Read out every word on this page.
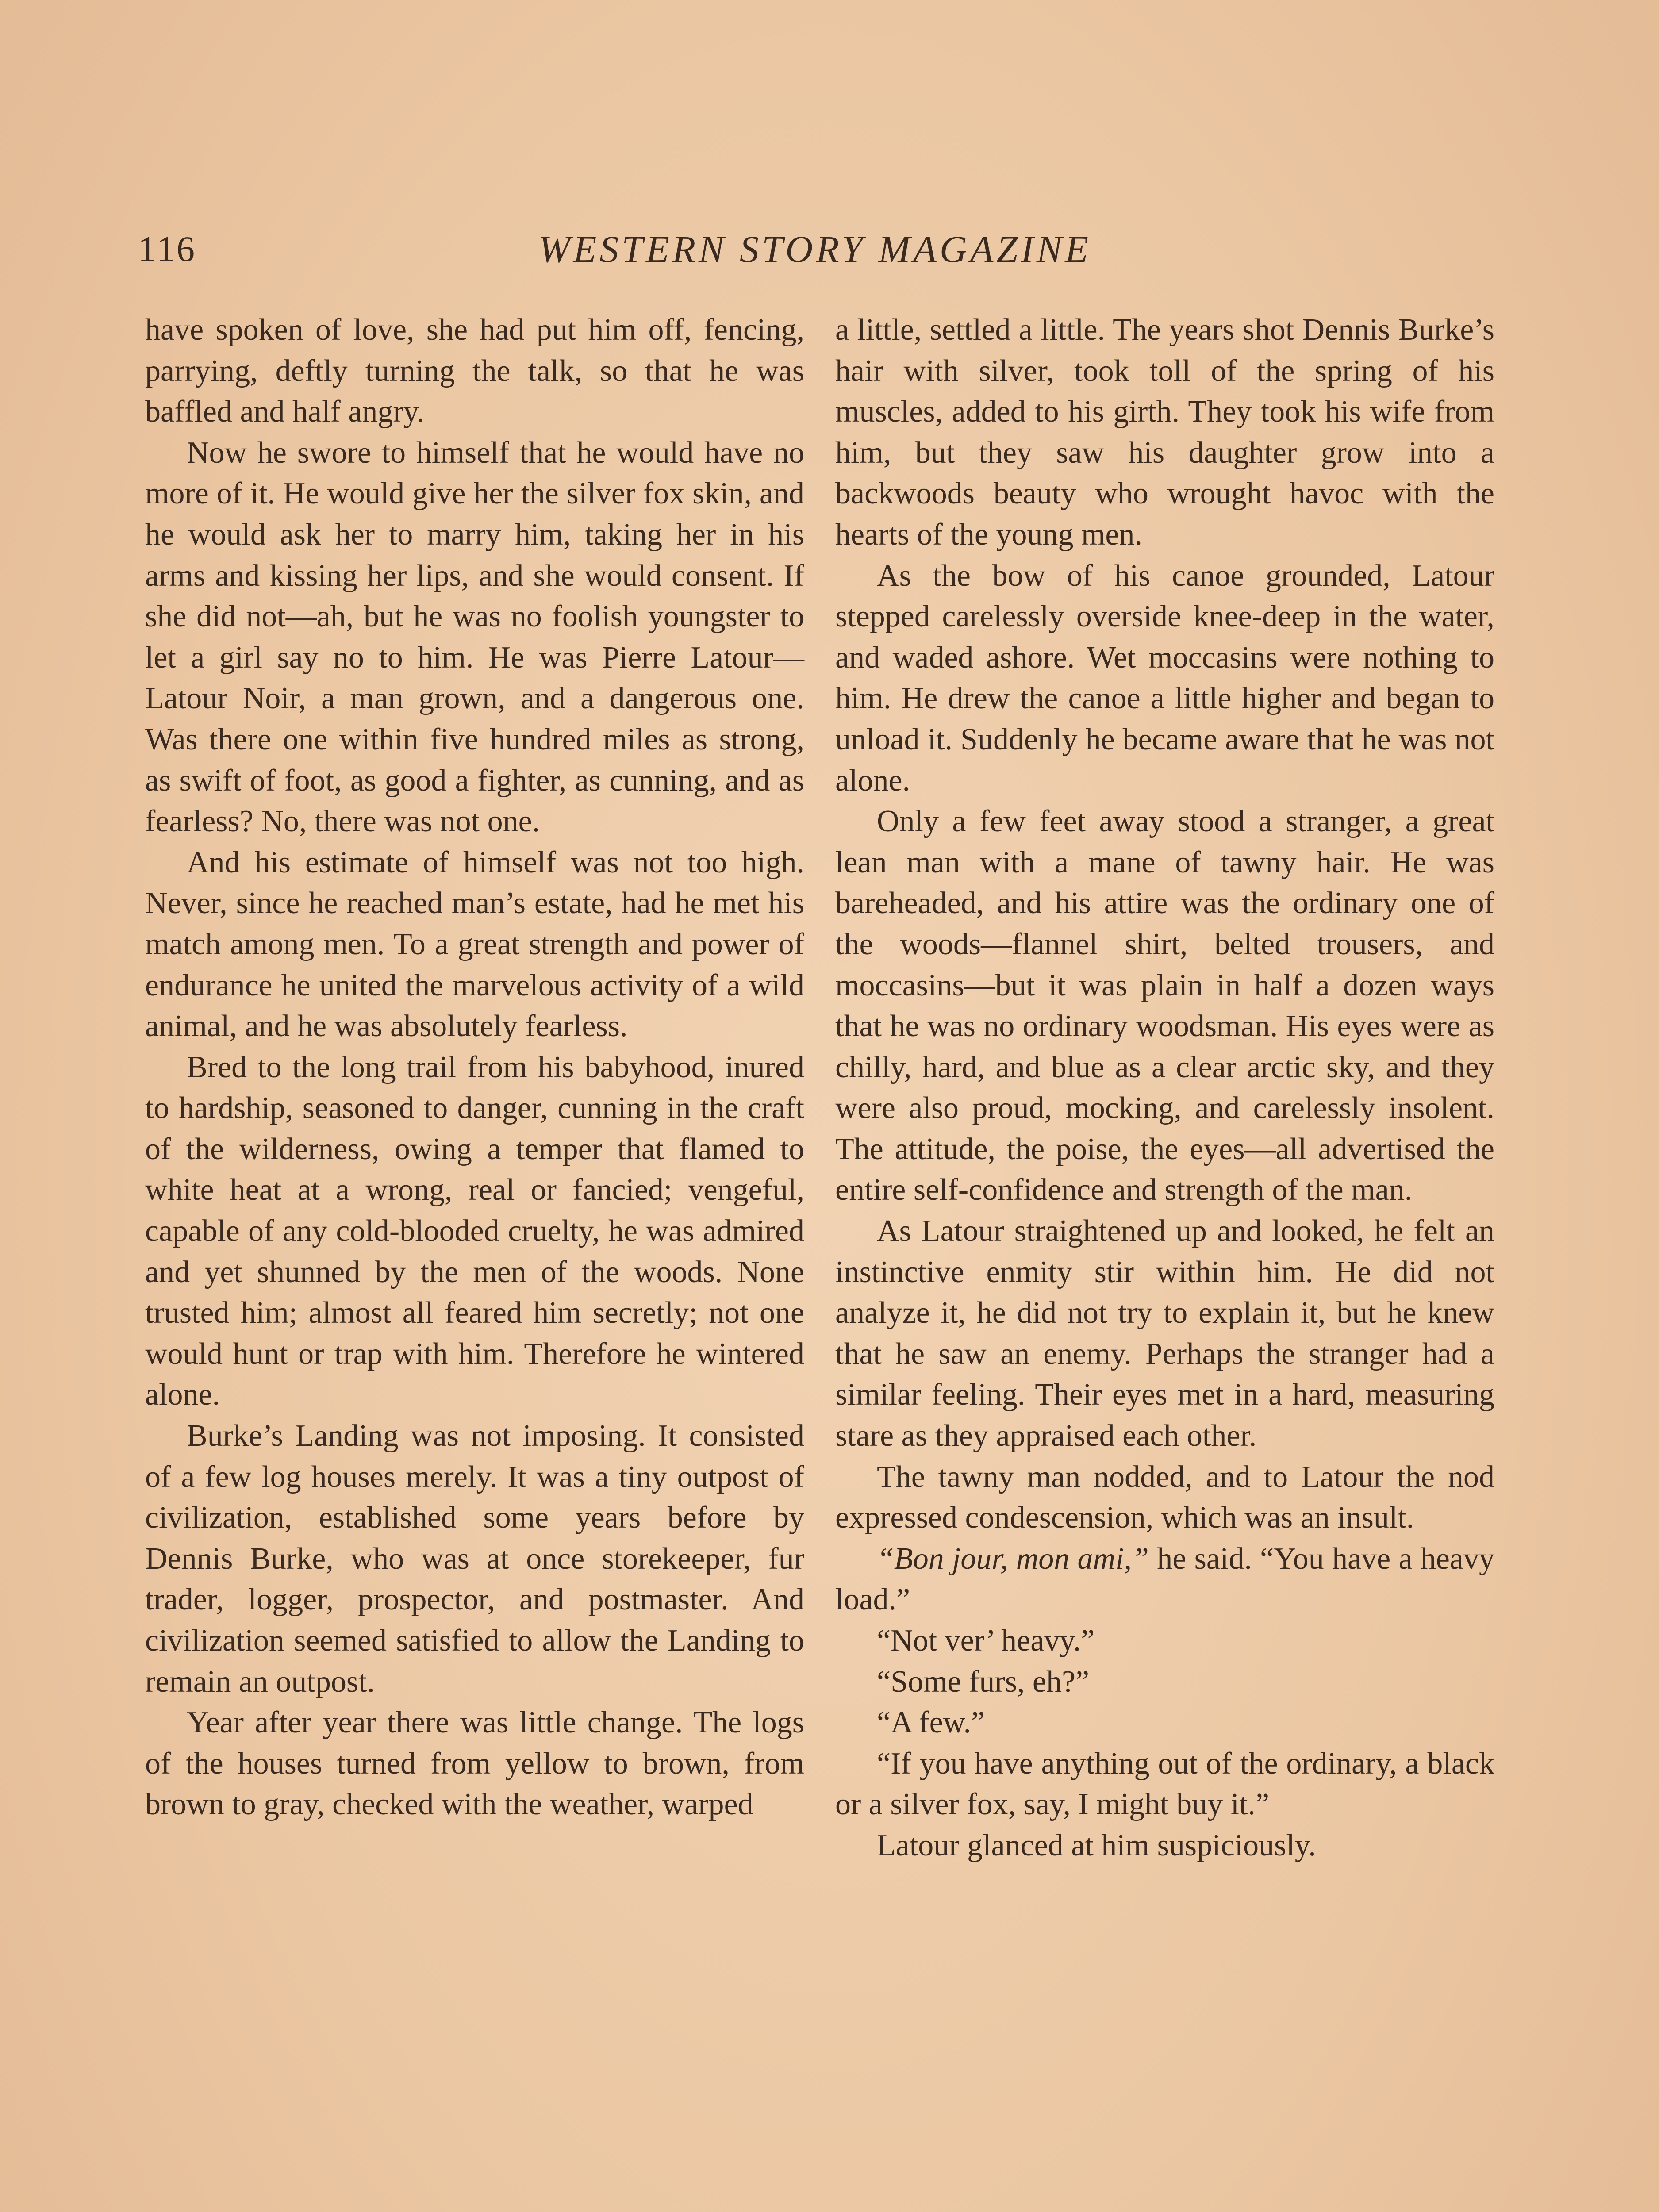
116	WESTERN STORY MAGAZINE

have spoken of love, she had put him off, fencing, parrying, deftly turning the talk, so that he was baffled and half angry.

Now he swore to himself that he would have no more of it. He would give her the silver fox skin, and he would ask her to marry him, taking her in his arms and kissing her lips, and she would consent. If she did not—ah, but he was no foolish youngster to let a girl say no to him. He was Pierre Latour—Latour Noir, a man grown, and a dangerous one. Was there one within five hundred miles as strong, as swift of foot, as good a fighter, as cunning, and as fearless? No, there was not one.

And his estimate of himself was not too high. Never, since he reached man’s estate, had he met his match among men. To a great strength and power of endurance he united the marvelous activity of a wild animal, and he was absolutely fearless.

Bred to the long trail from his babyhood, inured to hardship, seasoned to danger, cunning in the craft of the wilderness, owing a temper that flamed to white heat at a wrong, real or fancied; vengeful, capable of any cold-blooded cruelty, he was admired and yet shunned by the men of the woods. None trusted him; almost all feared him secretly; not one would hunt or trap with him. Therefore he wintered alone.

Burke’s Landing was not imposing. It consisted of a few log houses merely. It was a tiny outpost of civilization, established some years before by Dennis Burke, who was at once storekeeper, fur trader, logger, prospector, and postmaster. And civilization seemed satisfied to allow the Landing to remain an outpost.

Year after year there was little change. The logs of the houses turned from yellow to brown, from brown to gray, checked with the weather, warped

a little, settled a little. The years shot Dennis Burke’s hair with silver, took toll of the spring of his muscles, added to his girth. They took his wife from him, but they saw his daughter grow into a backwoods beauty who wrought havoc with the hearts of the young men.

As the bow of his canoe grounded, Latour stepped carelessly overside knee-deep in the water, and waded ashore. Wet moccasins were nothing to him. He drew the canoe a little higher and began to unload it. Suddenly he became aware that he was not alone.

Only a few feet away stood a stranger, a great lean man with a mane of tawny hair. He was bareheaded, and his attire was the ordinary one of the woods—flannel shirt, belted trousers, and moccasins—but it was plain in half a dozen ways that he was no ordinary woodsman. His eyes were as chilly, hard, and blue as a clear arctic sky, and they were also proud, mocking, and carelessly insolent. The attitude, the poise, the eyes—all advertised the entire self-confidence and strength of the man.

As Latour straightened up and looked, he felt an instinctive enmity stir within him. He did not analyze it, he did not try to explain it, but he knew that he saw an enemy. Perhaps the stranger had a similar feeling. Their eyes met in a hard, measuring stare as they appraised each other.

The tawny man nodded, and to Latour the nod expressed condescension, which was an insult.

“Bon jour, mon ami,” he said. “You have a heavy load.”

“Not ver’ heavy.”

“Some furs, eh?”

“A few.”

“If you have anything out of the ordinary, a black or a silver fox, say, I might buy it.”

Latour glanced at him suspiciously.
